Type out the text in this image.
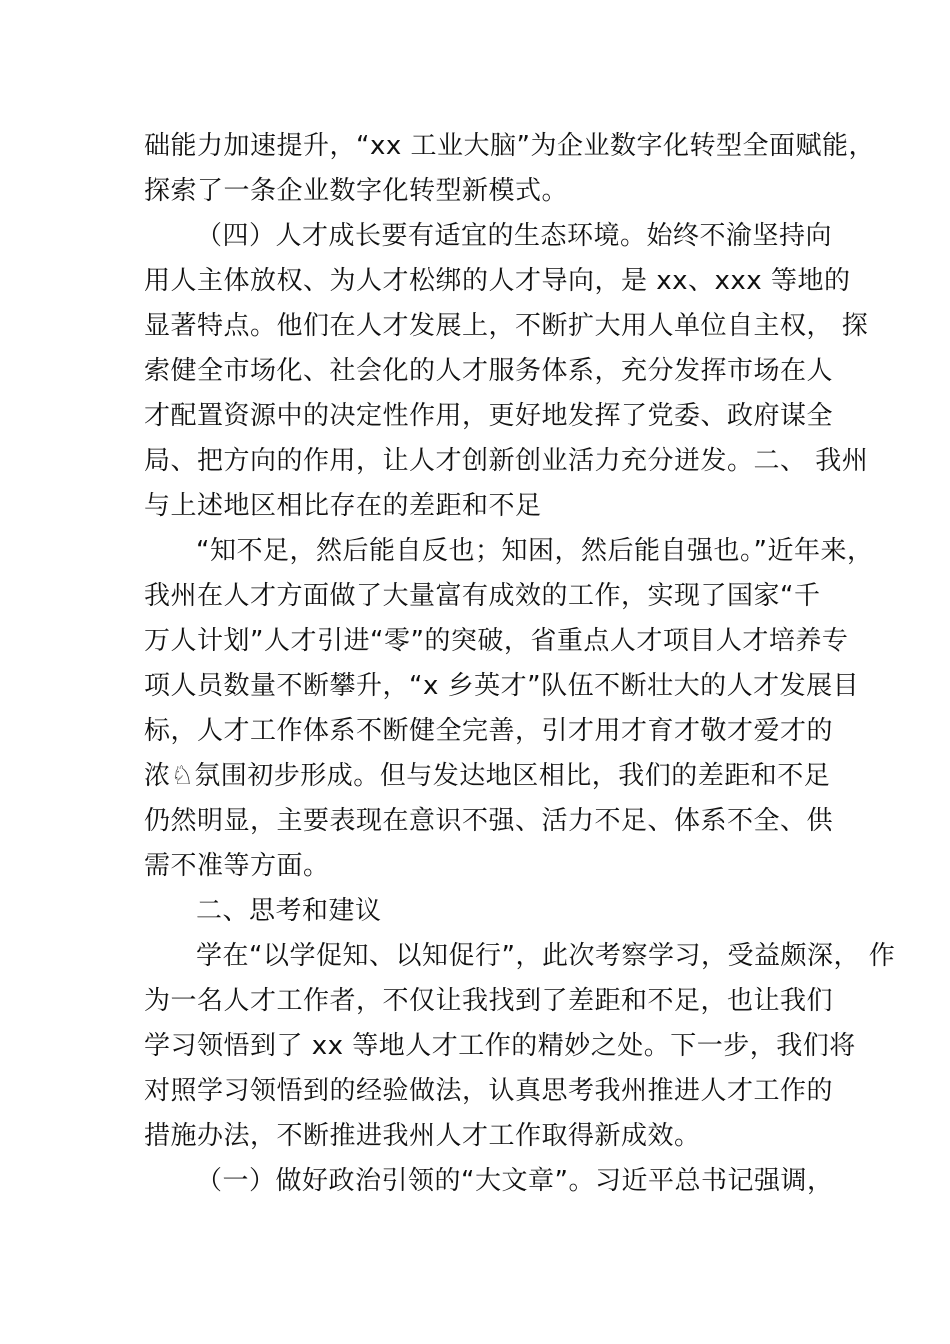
础能力加速提升，“xx 工业大脑”为企业数字化转型全面赋能，
探索了一条企业数字化转型新模式。
（四）人才成长要有适宜的生态环境。始终不渝坚持向
用人主体放权、为人才松绑的人才导向，是 xx、xxx 等地的
显著特点。他们在人才发展上，不断扩大用人单位自主权， 探
索健全市场化、社会化的人才服务体系，充分发挥市场在人
才配置资源中的决定性作用，更好地发挥了党委、政府谋全
局、把方向的作用，让人才创新创业活力充分迸发。二、 我州
与上述地区相比存在的差距和不足
“知不足，然后能自反也；知困，然后能自强也。”近年来，
我州在人才方面做了大量富有成效的工作，实现了国家“千
万人计划”人才引进“零”的突破，省重点人才项目人才培养专
项人员数量不断攀升，“x 乡英才”队伍不断壮大的人才发展目
标，人才工作体系不断健全完善，引才用才育才敬才爱才的
浓♘氛围初步形成。但与发达地区相比，我们的差距和不足
仍然明显，主要表现在意识不强、活力不足、体系不全、供
需不准等方面。
二、思考和建议
学在“以学促知、以知促行”，此次考察学习，受益颇深， 作
为一名人才工作者，不仅让我找到了差距和不足，也让我们
学习领悟到了 xx 等地人才工作的精妙之处。下一步，我们将
对照学习领悟到的经验做法，认真思考我州推进人才工作的
措施办法，不断推进我州人才工作取得新成效。
（一）做好政治引领的“大文章”。习近平总书记强调，
